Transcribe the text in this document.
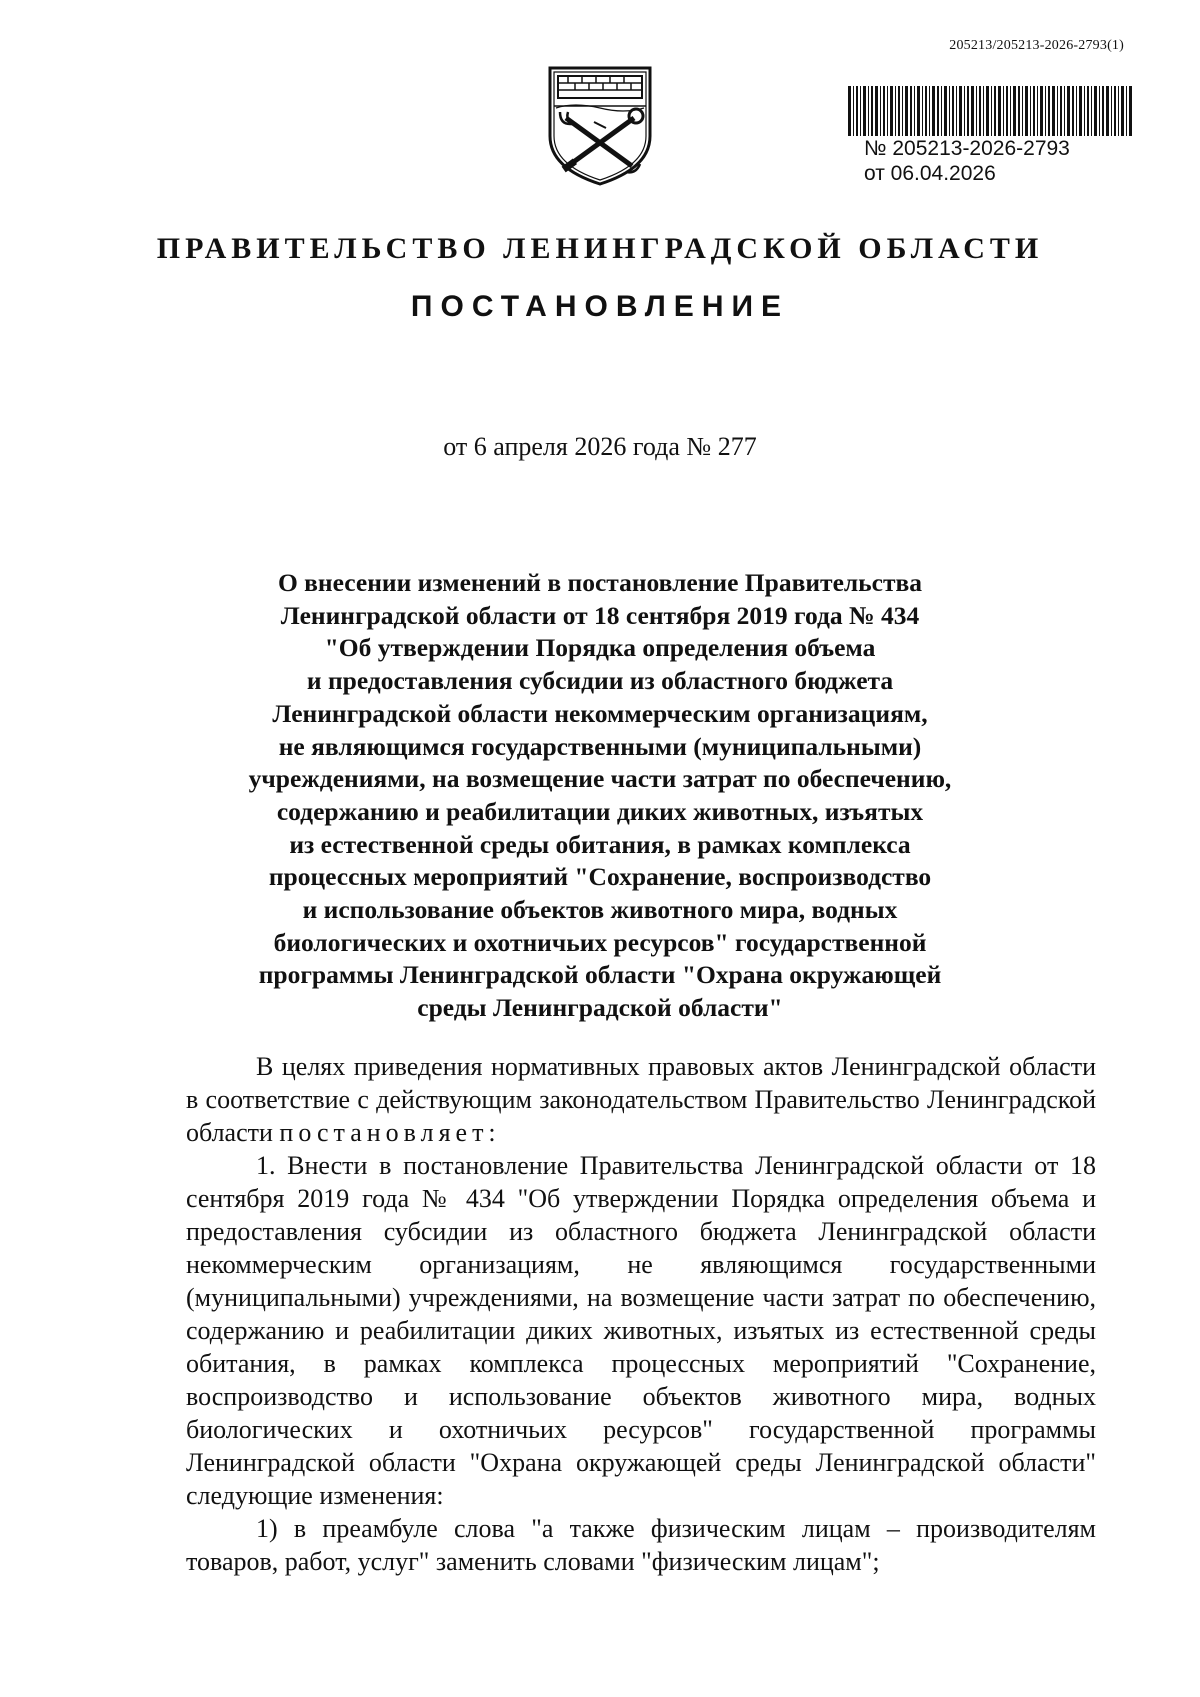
205213/205213-2026-2793(1)
№ 205213-2026-2793
от 06.04.2026
ПРАВИТЕЛЬСТВО ЛЕНИНГРАДСКОЙ ОБЛАСТИ
ПОСТАНОВЛЕНИЕ
от 6 апреля 2026 года № 277
О внесении изменений в постановление Правительства
Ленинградской области от 18 сентября 2019 года № 434
"Об утверждении Порядка определения объема
и предоставления субсидии из областного бюджета
Ленинградской области некоммерческим организациям,
не являющимся государственными (муниципальными)
учреждениями, на возмещение части затрат по обеспечению,
содержанию и реабилитации диких животных, изъятых
из естественной среды обитания, в рамках комплекса
процессных мероприятий "Сохранение, воспроизводство
и использование объектов животного мира, водных
биологических и охотничьих ресурсов" государственной
программы Ленинградской области "Охрана окружающей
среды Ленинградской области"

В целях приведения нормативных правовых актов Ленинградской области в соответствие с действующим законодательством Правительство Ленинградской области постановляет:

1. Внести в постановление Правительства Ленинградской области от 18 сентября 2019 года № 434 "Об утверждении Порядка определения объема и предоставления субсидии из областного бюджета Ленинградской области некоммерческим организациям, не являющимся государственными (муниципальными) учреждениями, на возмещение части затрат по обеспечению, содержанию и реабилитации диких животных, изъятых из естественной среды обитания, в рамках комплекса процессных мероприятий "Сохранение, воспроизводство и использование объектов животного мира, водных биологических и охотничьих ресурсов" государственной программы Ленинградской области "Охрана окружающей среды Ленинградской области" следующие изменения:

1) в преамбуле слова "а также физическим лицам – производителям товаров, работ, услуг" заменить словами "физическим лицам";
